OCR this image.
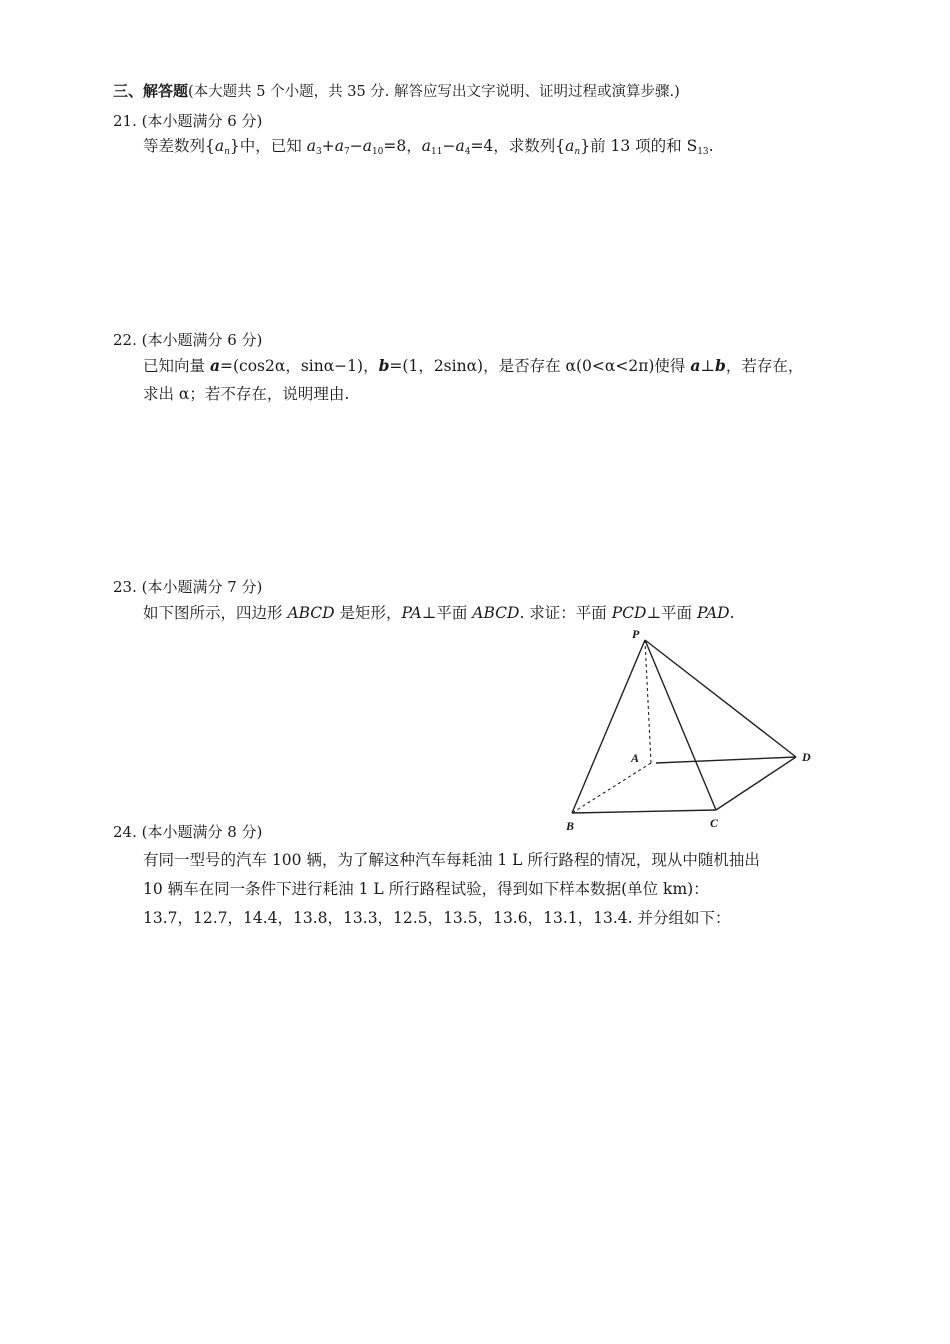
三、解答题(本大题共 5 个小题，共 35 分. 解答应写出文字说明、证明过程或演算步骤.)
21. (本小题满分 6 分)
等差数列$\{a_n\}$中，已知 $a_3+a_7-a_{10}=8$，$a_{11}-a_4=4$，求数列$\{a_n\}$前 13 项的和 $S_{13}$.
22. (本小题满分 6 分)
已知向量 a=(cos2α，sinα−1)，b=(1，2sinα)，是否存在 α(0<α<2π)使得 a⊥b，若存在，
求出 α；若不存在，说明理由.
23. (本小题满分 7 分)
如下图所示，四边形 ABCD 是矩形，PA⊥平面 ABCD. 求证：平面 PCD⊥平面 PAD.
P
A	D
B	C
24. (本小题满分 8 分)
有同一型号的汽车 100 辆，为了解这种汽车每耗油 1 L 所行路程的情况，现从中随机抽出
10 辆车在同一条件下进行耗油 1 L 所行路程试验，得到如下样本数据(单位 km)：
13.7，12.7，14.4，13.8，13.3，12.5，13.5，13.6，13.1，13.4. 并分组如下：
